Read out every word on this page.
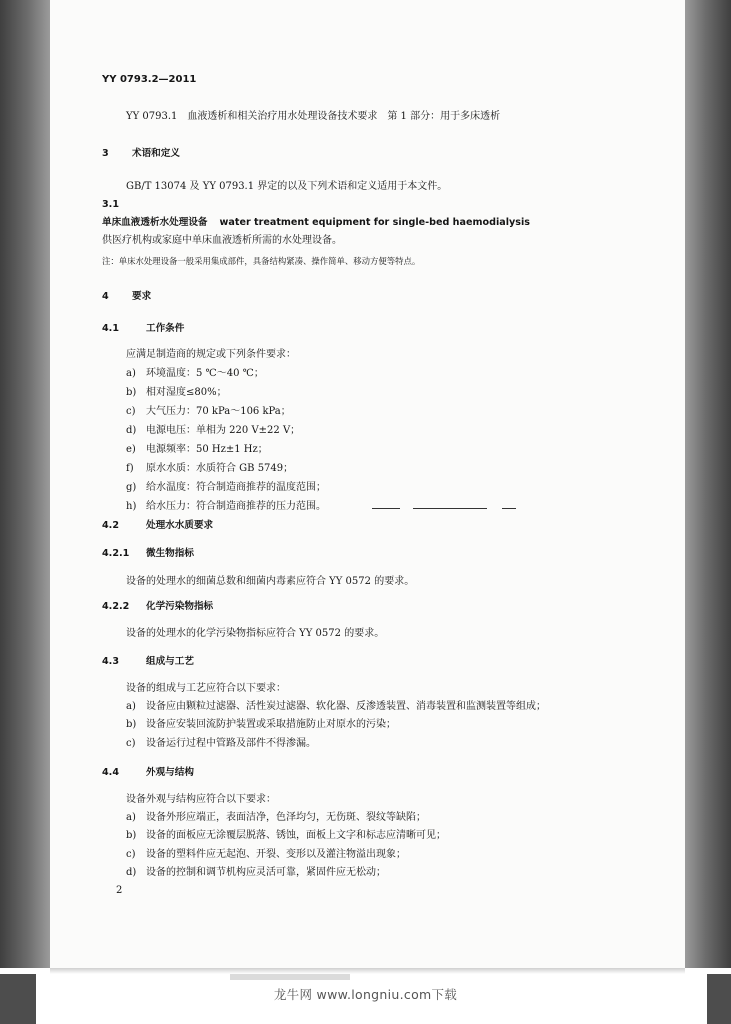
YY 0793.2—2011
YY 0793.1　血液透析和相关治疗用水处理设备技术要求　第 1 部分：用于多床透析
3 术语和定义
GB/T 13074 及 YY 0793.1 界定的以及下列术语和定义适用于本文件。
3.1
单床血液透析水处理设备 water treatment equipment for single-bed haemodialysis
供医疗机构或家庭中单床血液透析所需的水处理设备。
注：单床水处理设备一般采用集成部件，具备结构紧凑、操作简单、移动方便等特点。
4 要求
4.1	工作条件
应满足制造商的规定或下列条件要求：
a) 环境温度：5 ℃～40 ℃；
b) 相对湿度≤80%；
c) 大气压力：70 kPa～106 kPa；
d) 电源电压：单相为 220 V±22 V；
e) 电源频率：50 Hz±1 Hz；
f) 原水水质：水质符合 GB 5749；
g) 给水温度：符合制造商推荐的温度范围；
h) 给水压力：符合制造商推荐的压力范围。
4.2	处理水水质要求
4.2.1 微生物指标
设备的处理水的细菌总数和细菌内毒素应符合 YY 0572 的要求。
4.2.2 化学污染物指标
设备的处理水的化学污染物指标应符合 YY 0572 的要求。
4.3	组成与工艺
设备的组成与工艺应符合以下要求：
a) 设备应由颗粒过滤器、活性炭过滤器、软化器、反渗透装置、消毒装置和监测装置等组成；
b) 设备应安装回流防护装置或采取措施防止对原水的污染；
c) 设备运行过程中管路及部件不得渗漏。
4.4	外观与结构
设备外观与结构应符合以下要求：
a) 设备外形应端正，表面洁净，色泽均匀，无伤斑、裂纹等缺陷；
b) 设备的面板应无涂覆层脱落、锈蚀，面板上文字和标志应清晰可见；
c) 设备的塑料件应无起泡、开裂、变形以及灌注物溢出现象；
d) 设备的控制和调节机构应灵活可靠，紧固件应无松动；
2
龙牛网 www.longniu.com下载
